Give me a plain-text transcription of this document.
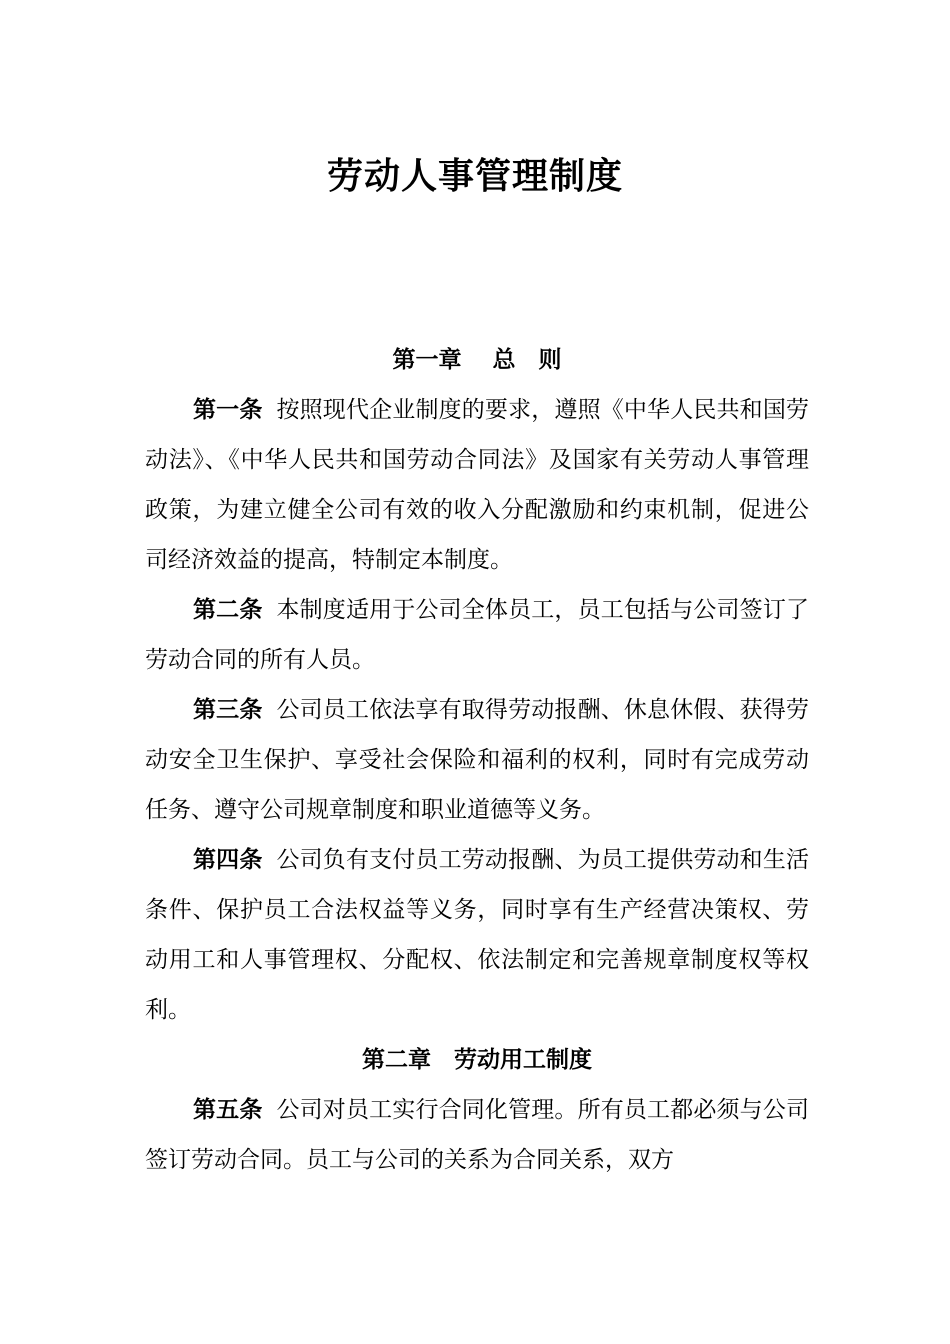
劳动人事管理制度

第一章　 总　则

第一条 按照现代企业制度的要求，遵照《中华人民共和国劳动法》、《中华人民共和国劳动合同法》及国家有关劳动人事管理政策，为建立健全公司有效的收入分配激励和约束机制，促进公司经济效益的提高，特制定本制度。

第二条 本制度适用于公司全体员工，员工包括与公司签订了劳动合同的所有人员。

第三条 公司员工依法享有取得劳动报酬、休息休假、获得劳动安全卫生保护、享受社会保险和福利的权利，同时有完成劳动任务、遵守公司规章制度和职业道德等义务。

第四条 公司负有支付员工劳动报酬、为员工提供劳动和生活条件、保护员工合法权益等义务，同时享有生产经营决策权、劳动用工和人事管理权、分配权、依法制定和完善规章制度权等权利。

第二章　劳动用工制度

第五条 公司对员工实行合同化管理。所有员工都必须与公司签订劳动合同。员工与公司的关系为合同关系，双方
